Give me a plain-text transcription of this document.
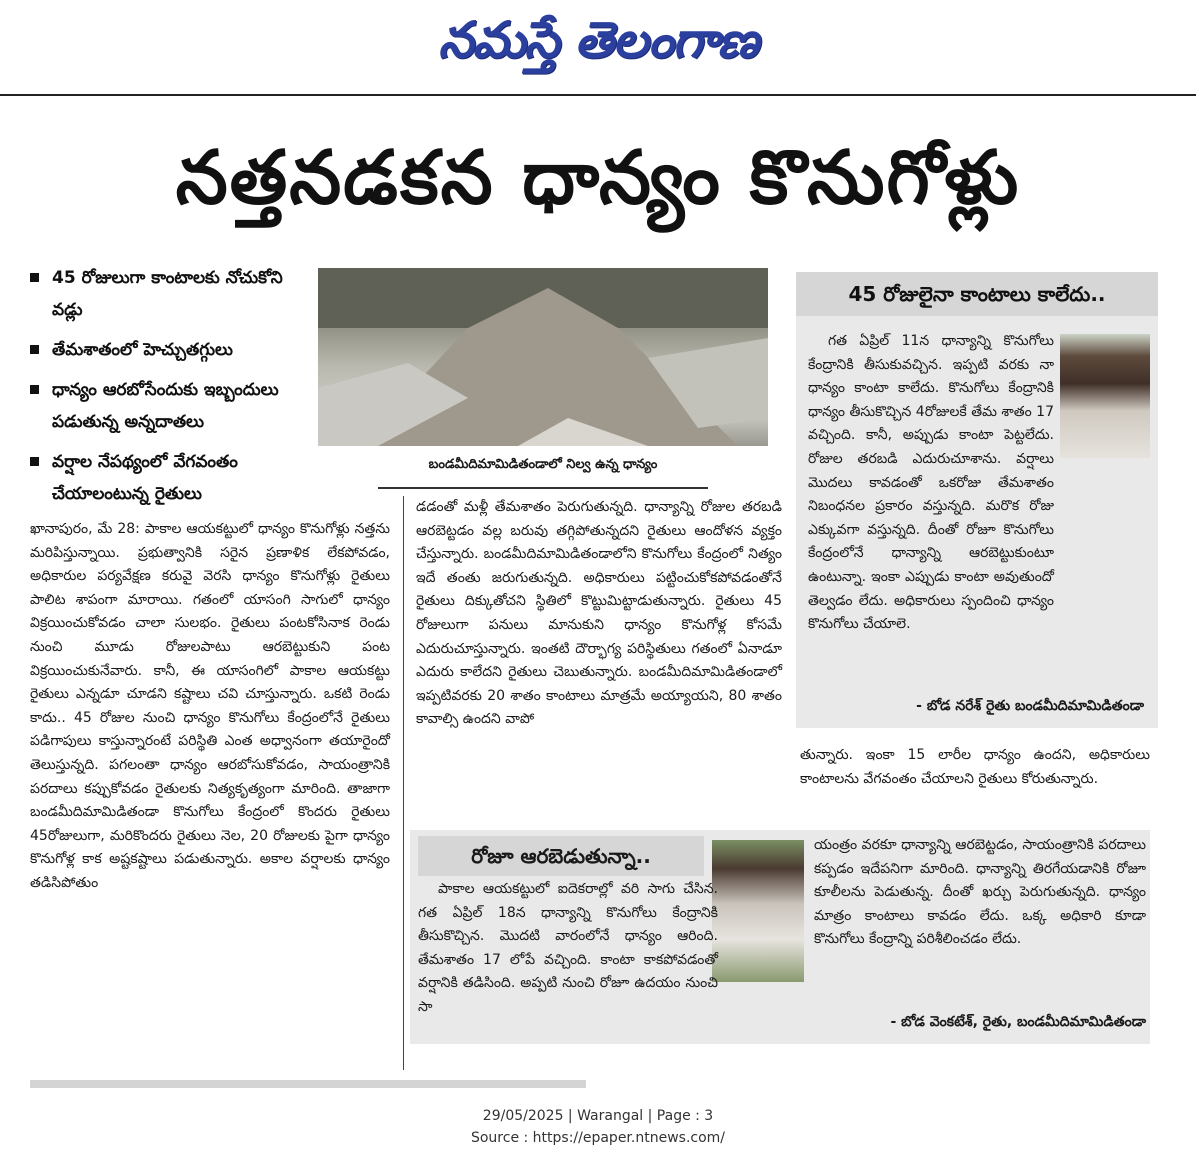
నమస్తే తెలంగాణ
నత్తనడకన ధాన్యం కొనుగోళ్లు
45 రోజులుగా కాంటాలకు నోచుకోని వడ్లు
తేమశాతంలో హెచ్చుతగ్గులు
ధాన్యం ఆరబోసేందుకు ఇబ్బందులు పడుతున్న అన్నదాతలు
వర్షాల నేపథ్యంలో వేగవంతం చేయాలంటున్న రైతులు
బండమీదిమామిడితండాలో నిల్వ ఉన్న ధాన్యం

ఖానాపురం, మే 28: పాకాల ఆయకట్టులో ధాన్యం కొనుగోళ్లు నత్తను మరిపిస్తున్నాయి. ప్రభుత్వానికి సరైన ప్రణాళిక లేకపోవడం, అధికారుల పర్యవేక్షణ కరువై వెరసి ధాన్యం కొనుగోళ్లు రైతులు పాలిట శాపంగా మారాయి. గతంలో యాసంగి సాగులో ధాన్యం విక్రయించుకోవడం చాలా సులభం. రైతులు పంటకోసినాక రెండు నుంచి మూడు రోజులపాటు ఆరబెట్టుకుని పంట విక్రయించుకునేవారు. కానీ, ఈ యాసంగిలో పాకాల ఆయకట్టు రైతులు ఎన్నడూ చూడని కష్టాలు చవి చూస్తున్నారు. ఒకటి రెండు కాదు.. 45 రోజుల నుంచి ధాన్యం కొనుగోలు కేంద్రంలోనే రైతులు పడిగాపులు కాస్తున్నారంటే పరిస్థితి ఎంత అధ్వానంగా తయారైందో తెలుస్తున్నది. పగలంతా ధాన్యం ఆరబోసుకోవడం, సాయంత్రానికి పరదాలు కప్పుకోవడం రైతులకు నిత్యకృత్యంగా మారింది. తాజాగా బండమీదిమామిడితండా కొనుగోలు కేంద్రంలో కొందరు రైతులు 45రోజులుగా, మరికొందరు రైతులు నెల, 20 రోజులకు పైగా ధాన్యం కొనుగోళ్ల కాక అష్టకష్టాలు పడుతున్నారు. అకాల వర్షాలకు ధాన్యం తడిసిపోతుం

డడంతో మళ్లీ తేమశాతం పెరుగుతున్నది. ధాన్యాన్ని రోజుల తరబడి ఆరబెట్టడం వల్ల బరువు తగ్గిపోతున్నదని రైతులు ఆందోళన వ్యక్తం చేస్తున్నారు. బండమీదిమామిడితండాలోని కొనుగోలు కేంద్రంలో నిత్యం ఇదే తంతు జరుగుతున్నది. అధికారులు పట్టించుకోకపోవడంతోనే రైతులు దిక్కుతోచని స్థితిలో కొట్టుమిట్టాడుతున్నారు. రైతులు 45 రోజులుగా పనులు మానుకుని ధాన్యం కొనుగోళ్ల కోసమే ఎదురుచూస్తున్నారు. ఇంతటి దౌర్భాగ్య పరిస్థితులు గతంలో ఏనాడూ ఎదురు కాలేదని రైతులు చెబుతున్నారు. బండమీదిమామిడితండాలో ఇప్పటివరకు 20 శాతం కాంటాలు మాత్రమే అయ్యాయని, 80 శాతం కావాల్సి ఉందని వాపో

45 రోజులైనా కాంటాలు కాలేదు..

గత ఏప్రిల్ 11న ధాన్యాన్ని కొనుగోలు కేంద్రానికి తీసుకువచ్చిన. ఇప్పటి వరకు నా ధాన్యం కాంటా కాలేదు. కొనుగోలు కేంద్రానికి ధాన్యం తీసుకొచ్చిన 4రోజులకే తేమ శాతం 17 వచ్చింది. కానీ, అప్పుడు కాంటా పెట్టలేదు. రోజుల తరబడి ఎదురుచూశాను. వర్షాలు మొదలు కావడంతో ఒకరోజు తేమశాతం నిబంధనల ప్రకారం వస్తున్నది. మరొక రోజు ఎక్కువగా వస్తున్నది. దీంతో రోజూ కొనుగోలు కేంద్రంలోనే ధాన్యాన్ని ఆరబెట్టుకుంటూ ఉంటున్నా. ఇంకా ఎప్పుడు కాంటా అవుతుందో తెల్వడం లేదు. అధికారులు స్పందించి ధాన్యం కొనుగోలు చేయాలె.

- బోడ నరేశ్ రైతు బండమీదిమామిడితండా

తున్నారు. ఇంకా 15 లారీల ధాన్యం ఉందని, అధికారులు కాంటాలను వేగవంతం చేయాలని రైతులు కోరుతున్నారు.

రోజూ ఆరబెడుతున్నా..

పాకాల ఆయకట్టులో ఐదెకరాల్లో వరి సాగు చేసిన. గత ఏప్రిల్ 18న ధాన్యాన్ని కొనుగోలు కేంద్రానికి తీసుకొచ్చిన. మొదటి వారంలోనే ధాన్యం ఆరింది. తేమశాతం 17 లోపే వచ్చింది. కాంటా కాకపోవడంతో వర్షానికి తడిసింది. అప్పటి నుంచి రోజూ ఉదయం నుంచి సా

యంత్రం వరకూ ధాన్యాన్ని ఆరబెట్టడం, సాయంత్రానికి పరదాలు కప్పడం ఇదేపనిగా మారింది. ధాన్యాన్ని తిరగేయడానికి రోజూ కూలీలను పెడుతున్న. దీంతో ఖర్చు పెరుగుతున్నది. ధాన్యం మాత్రం కాంటాలు కావడం లేదు. ఒక్క అధికారి కూడా కొనుగోలు కేంద్రాన్ని పరిశీలించడం లేదు.

- బోడ వెంకటేశ్, రైతు, బండమీదిమామిడితండా
29/05/2025 | Warangal | Page : 3
Source : https://epaper.ntnews.com/
